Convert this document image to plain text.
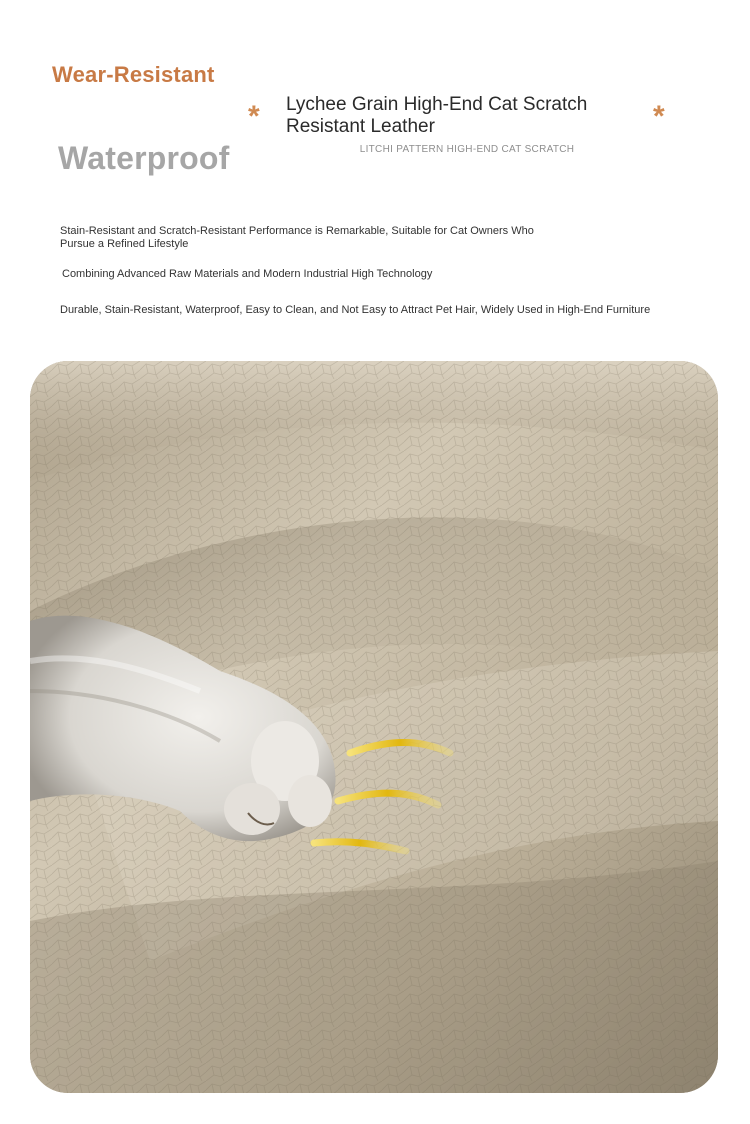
Wear-Resistant
Waterproof
* Lychee Grain High-End Cat Scratch Resistant Leather	*
LITCHI PATTERN HIGH-END CAT SCRATCH
Stain-Resistant and Scratch-Resistant Performance is Remarkable, Suitable for Cat Owners Who Pursue a Refined Lifestyle
Combining Advanced Raw Materials and Modern Industrial High Technology
Durable, Stain-Resistant, Waterproof, Easy to Clean, and Not Easy to Attract Pet Hair, Widely Used in High-End Furniture
